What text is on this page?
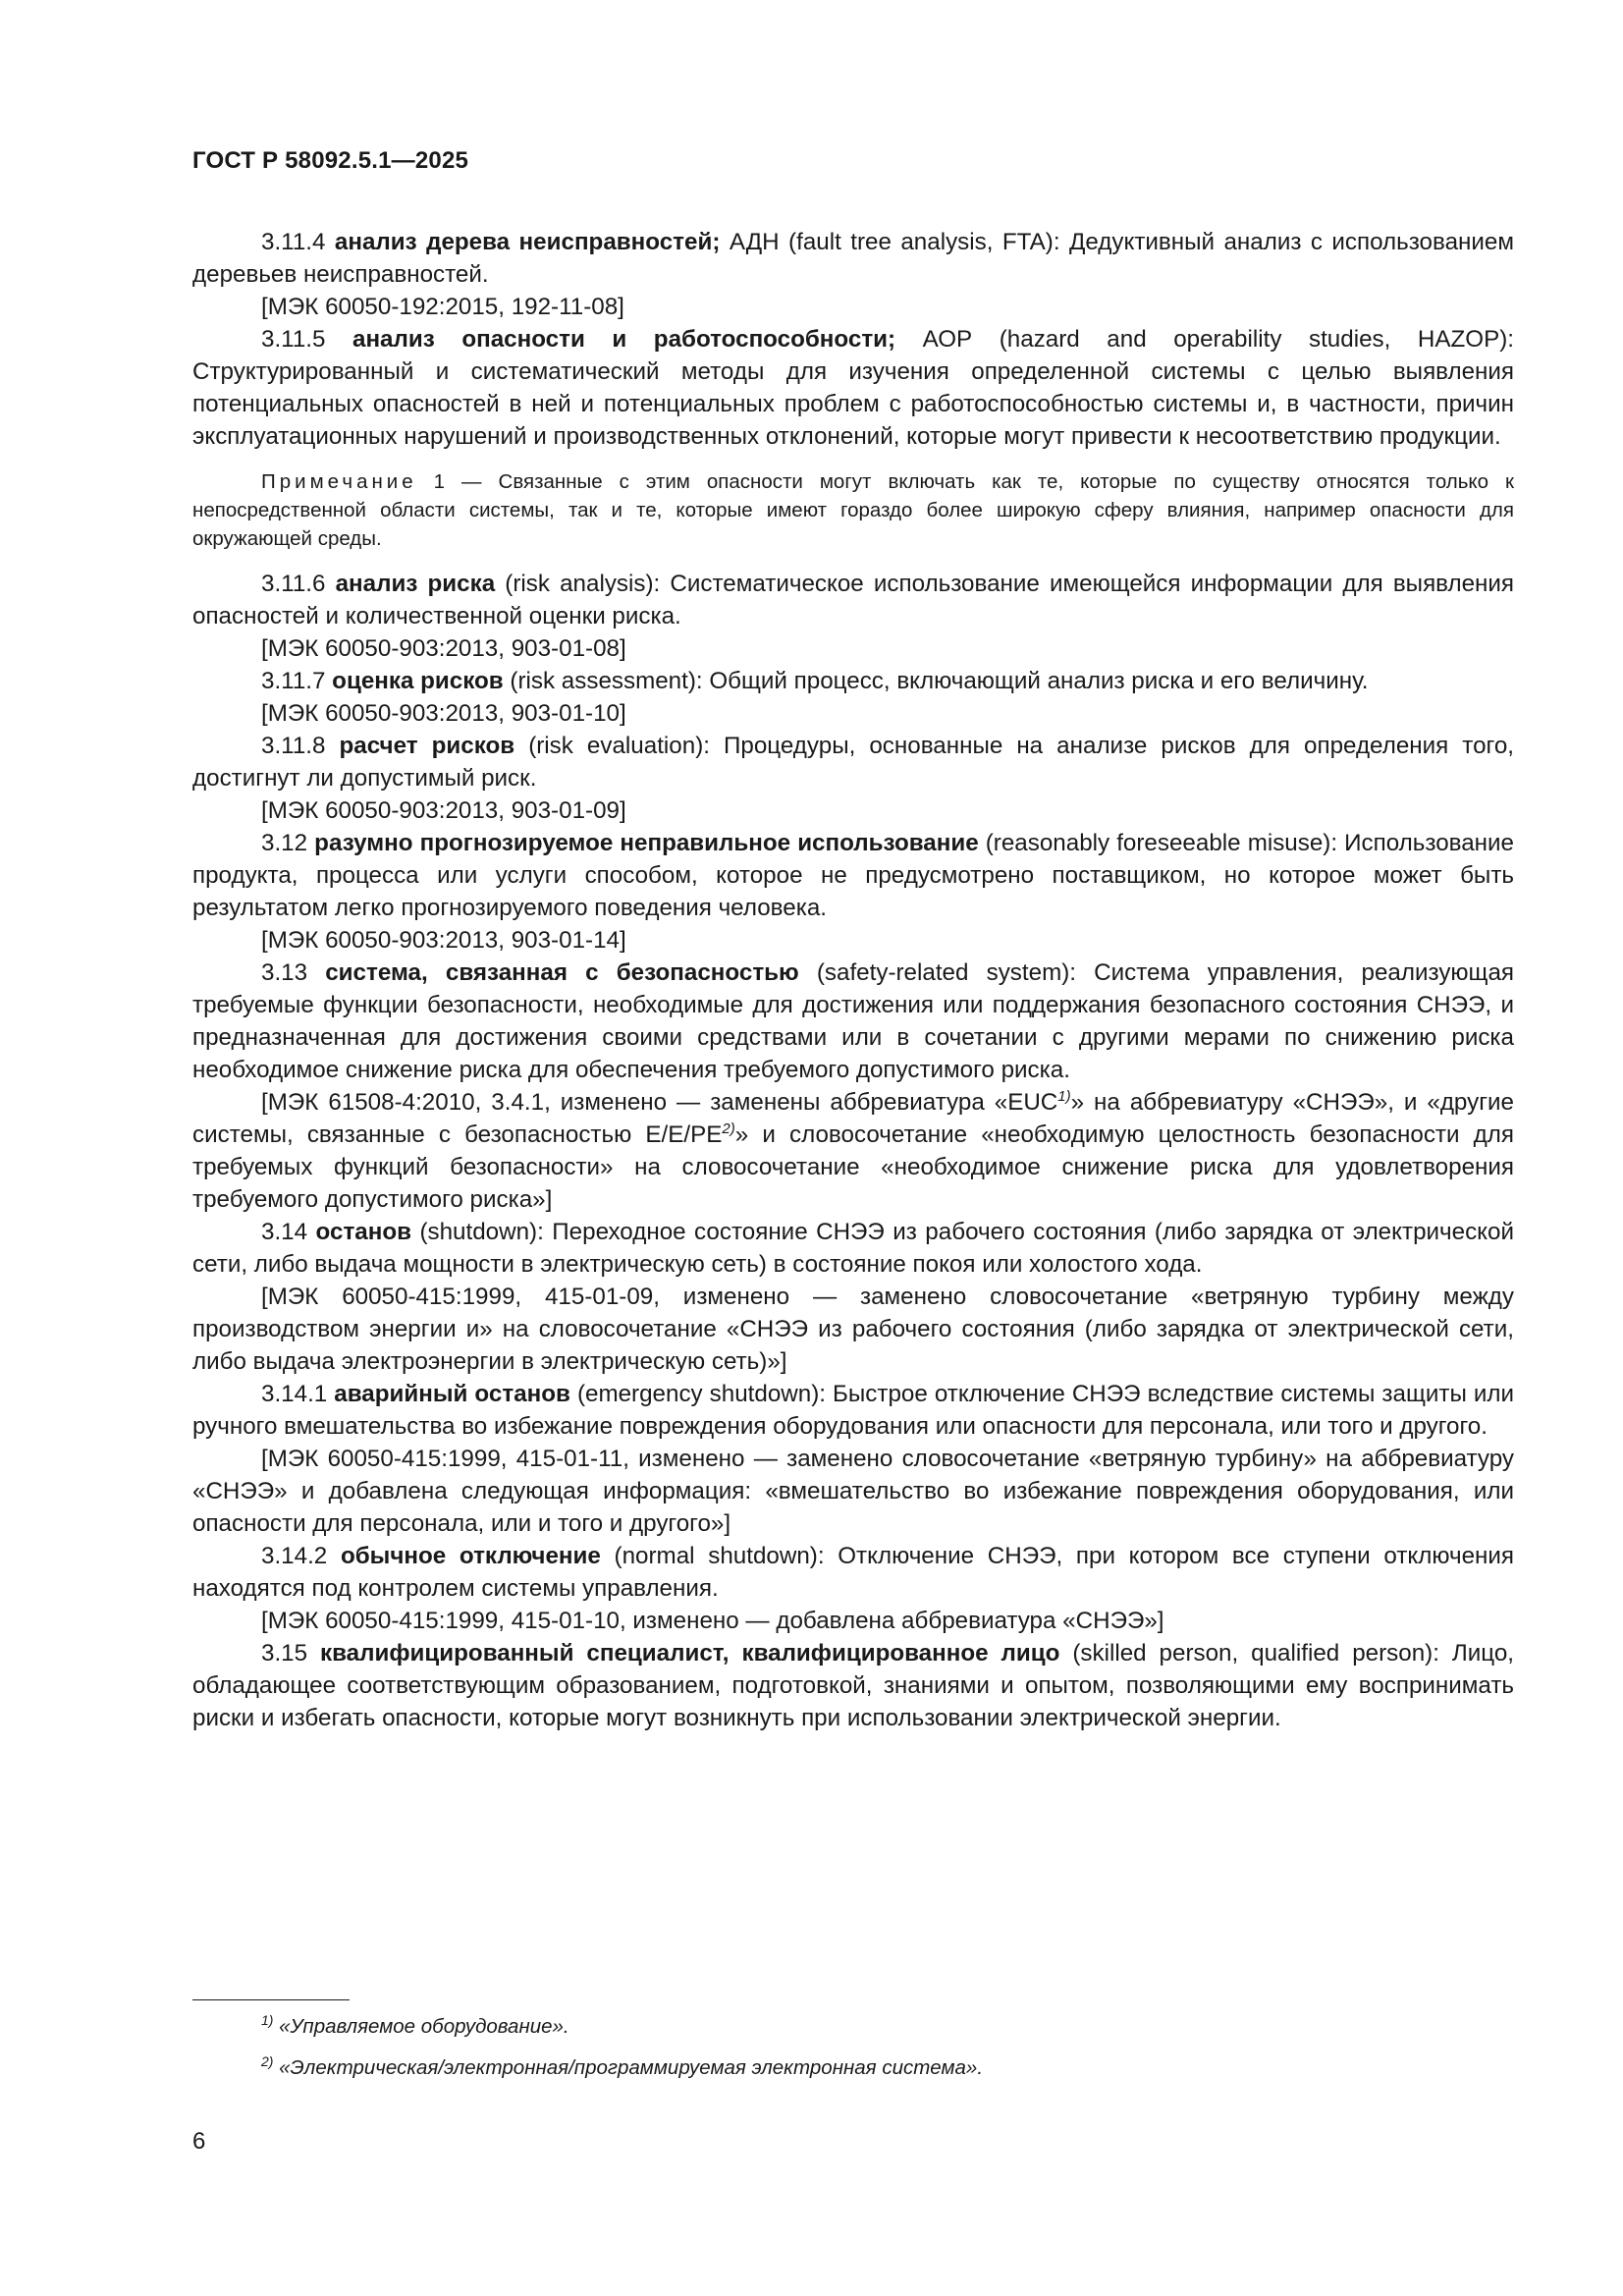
ГОСТ Р 58092.5.1—2025

3.11.4 анализ дерева неисправностей; АДН (fault tree analysis, FTA): Дедуктивный анализ с использованием деревьев неисправностей.

[МЭК 60050-192:2015, 192-11-08]

3.11.5 анализ опасности и работоспособности; АОР (hazard and operability studies, HAZOP): Структурированный и систематический методы для изучения определенной системы с целью выявления потенциальных опасностей в ней и потенциальных проблем с работоспособностью системы и, в частности, причин эксплуатационных нарушений и производственных отклонений, которые могут привести к несоответствию продукции.

Примечание 1 — Связанные с этим опасности могут включать как те, которые по существу относятся только к непосредственной области системы, так и те, которые имеют гораздо более широкую сферу влияния, например опасности для окружающей среды.

3.11.6 анализ риска (risk analysis): Систематическое использование имеющейся информации для выявления опасностей и количественной оценки риска.

[МЭК 60050-903:2013, 903-01-08]

3.11.7 оценка рисков (risk assessment): Общий процесс, включающий анализ риска и его величину.

[МЭК 60050-903:2013, 903-01-10]

3.11.8 расчет рисков (risk evaluation): Процедуры, основанные на анализе рисков для определения того, достигнут ли допустимый риск.

[МЭК 60050-903:2013, 903-01-09]

3.12 разумно прогнозируемое неправильное использование (reasonably foreseeable misuse): Использование продукта, процесса или услуги способом, которое не предусмотрено поставщиком, но которое может быть результатом легко прогнозируемого поведения человека.

[МЭК 60050-903:2013, 903-01-14]

3.13 система, связанная с безопасностью (safety-related system): Система управления, реализующая требуемые функции безопасности, необходимые для достижения или поддержания безопасного состояния СНЭЭ, и предназначенная для достижения своими средствами или в сочетании с другими мерами по снижению риска необходимое снижение риска для обеспечения требуемого допустимого риска.

[МЭК 61508-4:2010, 3.4.1, изменено — заменены аббревиатура «EUC$^{1)}$» на аббревиатуру «СНЭЭ», и «другие системы, связанные с безопасностью E/E/PE$^{2)}$» и словосочетание «необходимую целостность безопасности для требуемых функций безопасности» на словосочетание «необходимое снижение риска для удовлетворения требуемого допустимого риска»]

3.14 останов (shutdown): Переходное состояние СНЭЭ из рабочего состояния (либо зарядка от электрической сети, либо выдача мощности в электрическую сеть) в состояние покоя или холостого хода.

[МЭК 60050-415:1999, 415-01-09, изменено — заменено словосочетание «ветряную турбину между производством энергии и» на словосочетание «СНЭЭ из рабочего состояния (либо зарядка от электрической сети, либо выдача электроэнергии в электрическую сеть)»]

3.14.1 аварийный останов (emergency shutdown): Быстрое отключение СНЭЭ вследствие системы защиты или ручного вмешательства во избежание повреждения оборудования или опасности для персонала, или того и другого.

[МЭК 60050-415:1999, 415-01-11, изменено — заменено словосочетание «ветряную турбину» на аббревиатуру «СНЭЭ» и добавлена следующая информация: «вмешательство во избежание повреждения оборудования, или опасности для персонала, или и того и другого»]

3.14.2 обычное отключение (normal shutdown): Отключение СНЭЭ, при котором все ступени отключения находятся под контролем системы управления.

[МЭК 60050-415:1999, 415-01-10, изменено — добавлена аббревиатура «СНЭЭ»]

3.15 квалифицированный специалист, квалифицированное лицо (skilled person, qualified person): Лицо, обладающее соответствующим образованием, подготовкой, знаниями и опытом, позволяющими ему воспринимать риски и избегать опасности, которые могут возникнуть при использовании электрической энергии.

$^{1)}$ «Управляемое оборудование».

$^{2)}$ «Электрическая/электронная/программируемая электронная система».

6
